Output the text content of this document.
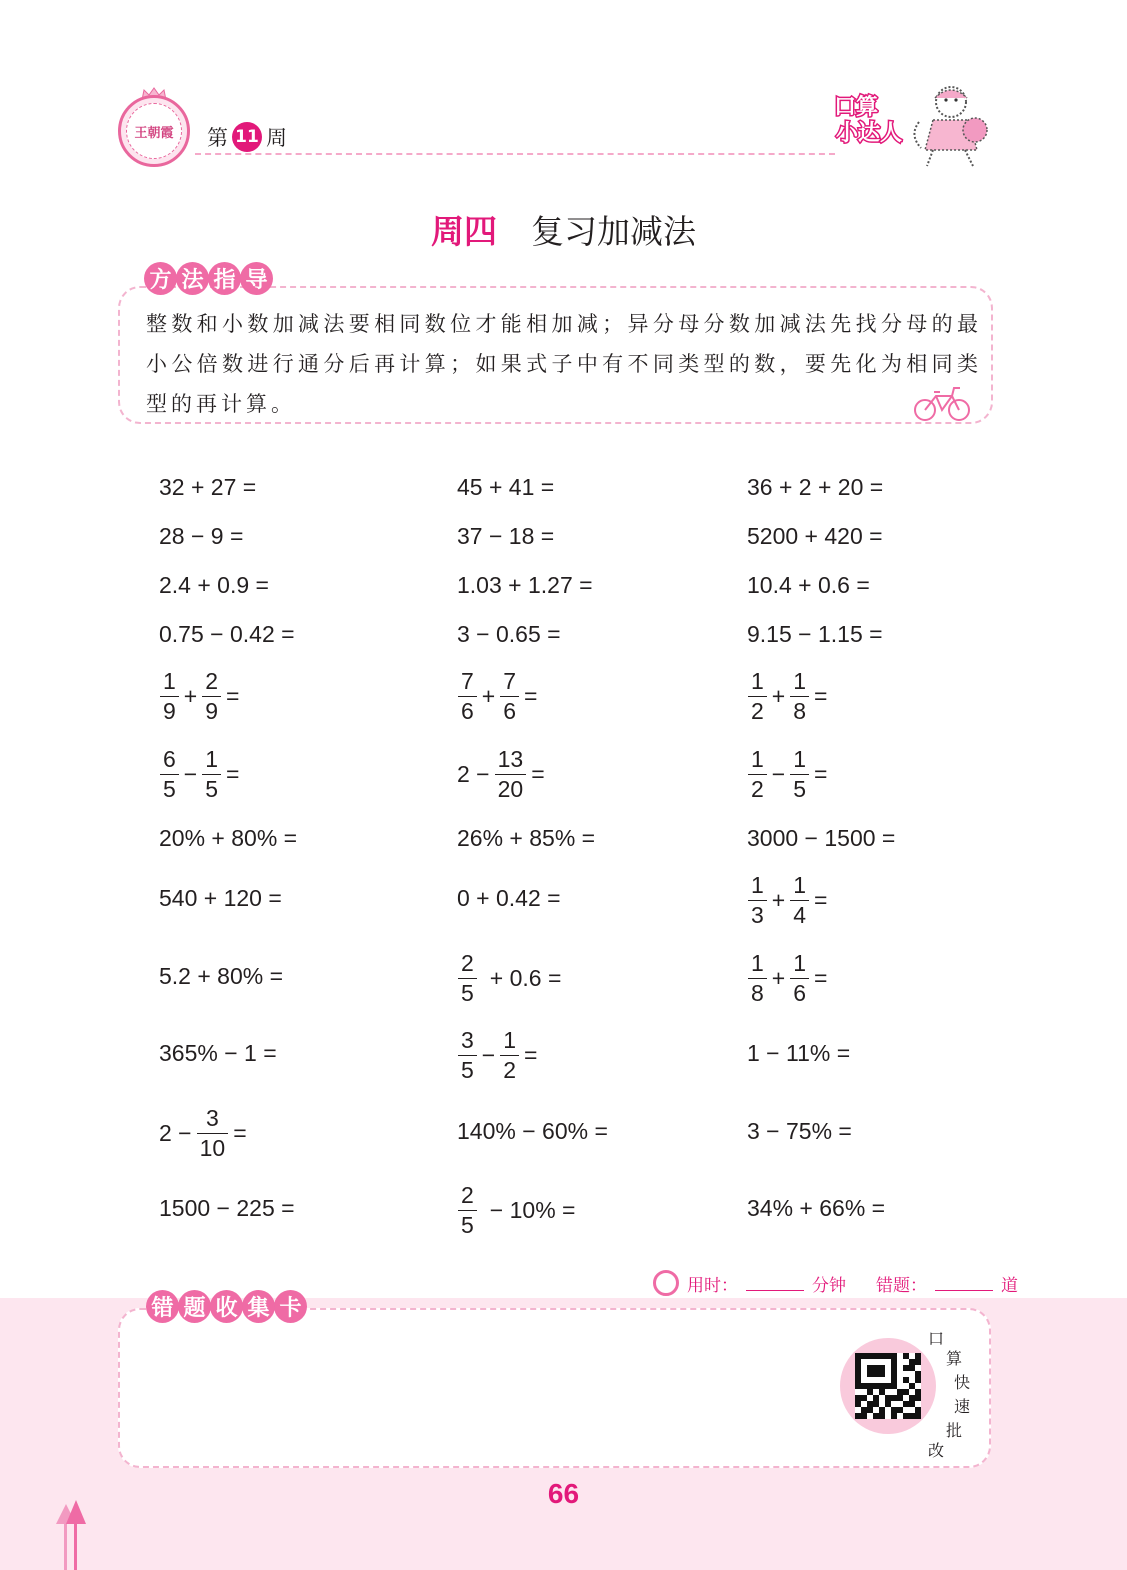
王朝霞	第 11 周
口算
小达人
周四 复习加减法
方 法 指 导
整数和小数加减法要相同数位才能相加减；异分母分数加减法先找分母的最小公倍数进行通分后再计算；如果式子中有不同类型的数，要先化为相同类型的再计算。
32 + 27 =	45 + 41 =	36 + 2 + 20 =
28 − 9 =	37 − 18 =	5200 + 420 =
2.4 + 0.9 =	1.03 + 1.27 =	10.4 + 0.6 =
0.75 − 0.42 =	3 − 0.65 =	9.15 − 1.15 =
$\frac{1}{9} + \frac{2}{9}$ =	$\frac{7}{6} + \frac{7}{6}$ =	$\frac{1}{2} + \frac{1}{8}$ =
$\frac{6}{5} - \frac{1}{5}$ =	$2 - \frac{13}{20}$ =	$\frac{1}{2} - \frac{1}{5}$ =
20% + 80% =	26% + 85% =	3000 − 1500 =
540 + 120 =	0 + 0.42 =	$\frac{1}{3} + \frac{1}{4}$ =
5.2 + 80% =	$\frac{2}{5} + 0.6$ =	$\frac{1}{8} + \frac{1}{6}$ =
365% − 1 =	$\frac{3}{5} - \frac{1}{2}$ =	1 − 11% =
$2 - \frac{3}{10}$ =	140% − 60% =	3 − 75% =
1500 − 225 =	$\frac{2}{5} - 10\%$ =	34% + 66% =
用时：	分钟 错题：	道
错 题 收 集 卡
口
算
快
速
批
改
66
